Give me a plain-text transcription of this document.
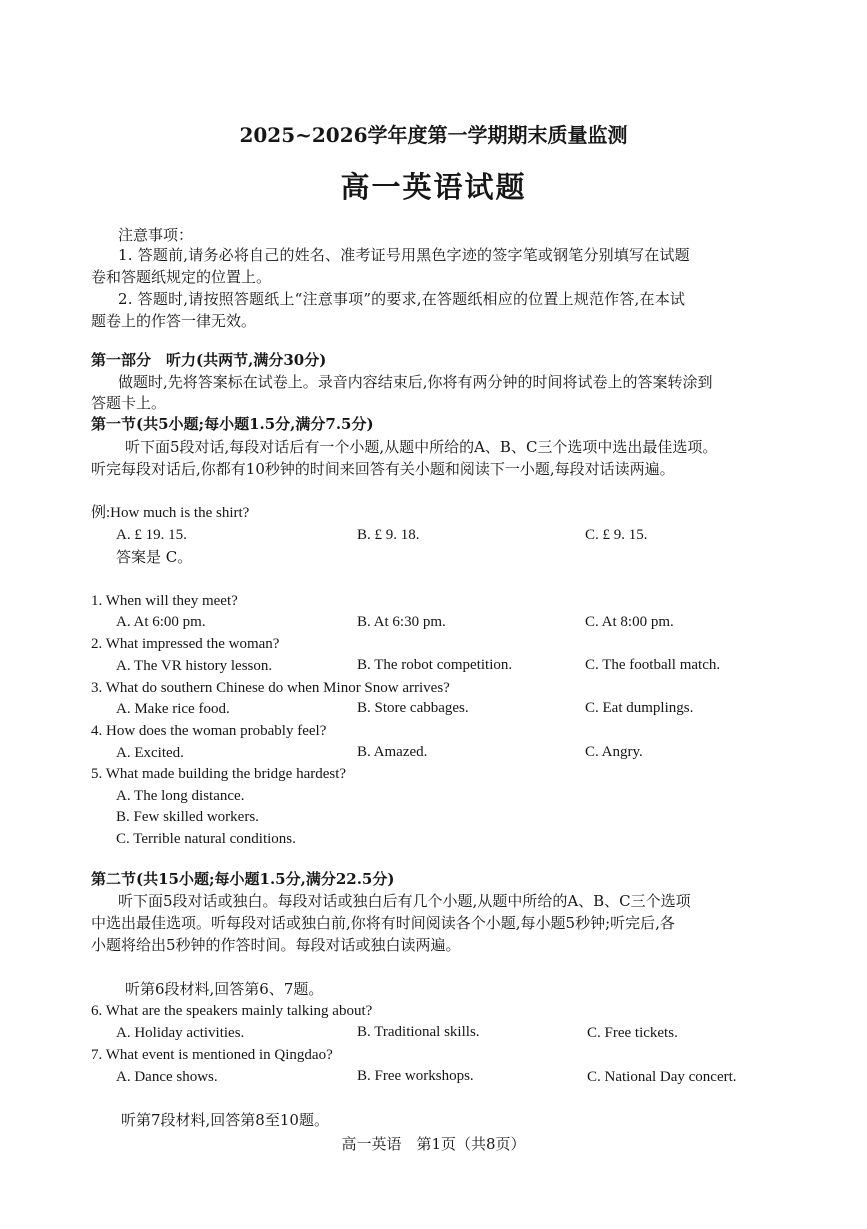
2025~2026学年度第一学期期末质量监测
高一英语试题
注意事项：
1. 答题前,请务必将自己的姓名、准考证号用黑色字迹的签字笔或钢笔分别填写在试题
卷和答题纸规定的位置上。
2. 答题时,请按照答题纸上“注意事项”的要求,在答题纸相应的位置上规范作答,在本试
题卷上的作答一律无效。
第一部分　听力(共两节,满分30分)
做题时,先将答案标在试卷上。录音内容结束后,你将有两分钟的时间将试卷上的答案转涂到
答题卡上。
第一节(共5小题;每小题1.5分,满分7.5分)
听下面5段对话,每段对话后有一个小题,从题中所给的A、B、C三个选项中选出最佳选项。
听完每段对话后,你都有10秒钟的时间来回答有关小题和阅读下一小题,每段对话读两遍。
例:How much is the shirt?
A. £ 19. 15.	B. £ 9. 18.	C. £ 9. 15.
答案是 C。
1. When will they meet?
A. At 6:00 pm.	B. At 6:30 pm.	C. At 8:00 pm.
2. What impressed the woman?
A. The VR history lesson.	B. The robot competition.	C. The football match.
3. What do southern Chinese do when Minor Snow arrives?
A. Make rice food.	B. Store cabbages.	C. Eat dumplings.
4. How does the woman probably feel?
A. Excited.	B. Amazed.	C. Angry.
5. What made building the bridge hardest?
A. The long distance.
B. Few skilled workers.
C. Terrible natural conditions.
第二节(共15小题;每小题1.5分,满分22.5分)
听下面5段对话或独白。每段对话或独白后有几个小题,从题中所给的A、B、C三个选项
中选出最佳选项。听每段对话或独白前,你将有时间阅读各个小题,每小题5秒钟;听完后,各
小题将给出5秒钟的作答时间。每段对话或独白读两遍。
听第6段材料,回答第6、7题。
6. What are the speakers mainly talking about?
A. Holiday activities.	B. Traditional skills.	C. Free tickets.
7. What event is mentioned in Qingdao?
A. Dance shows.	B. Free workshops.	C. National Day concert.
听第7段材料,回答第8至10题。
高一英语　第1页（共8页）
